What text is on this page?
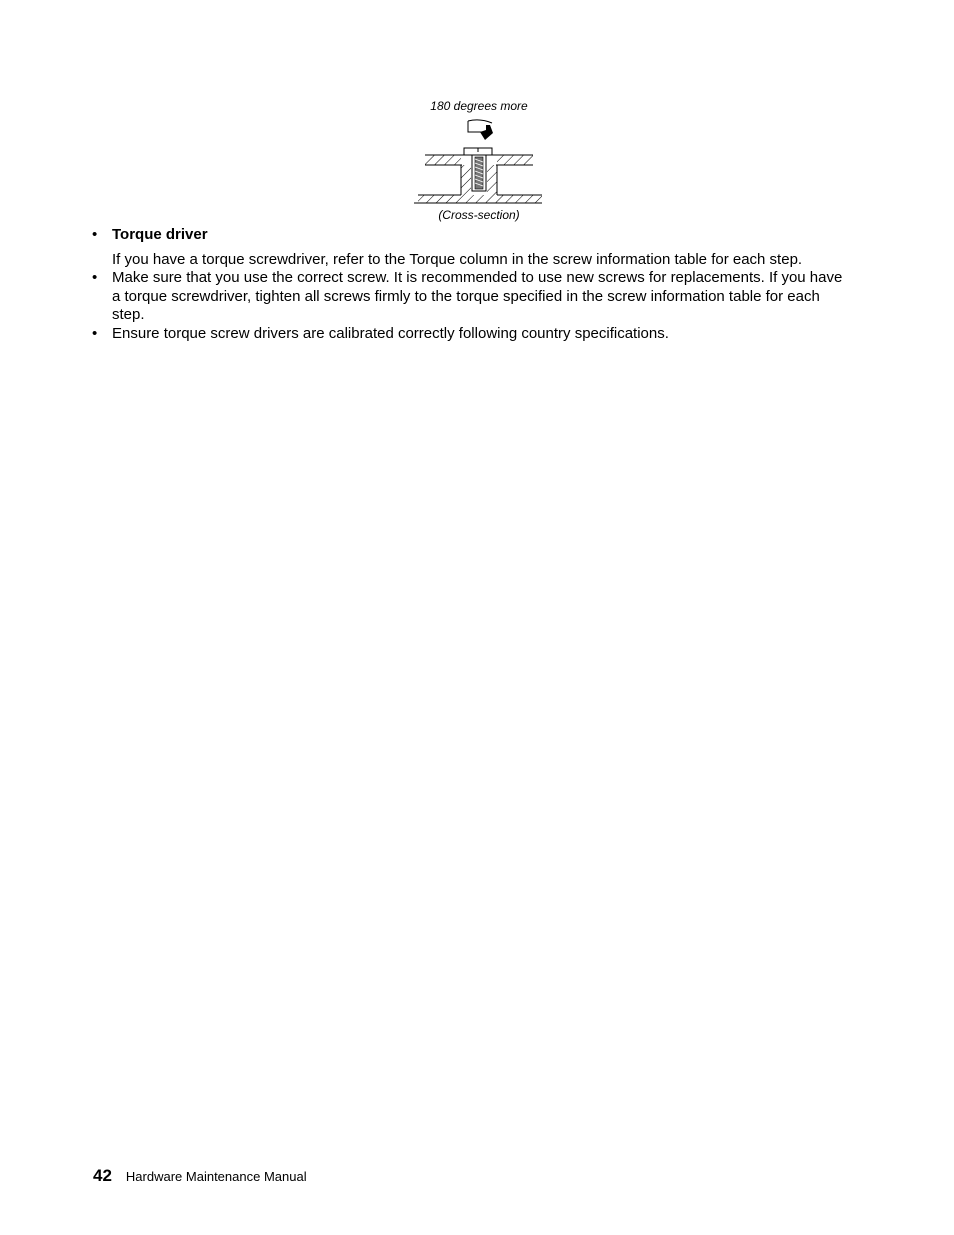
180 degrees more
(Cross-section)
• Torque driver
If you have a torque screwdriver, refer to the Torque column in the screw information table for each step.
• Make sure that you use the correct screw. It is recommended to use new screws for replacements. If you have a torque screwdriver, tighten all screws firmly to the torque specified in the screw information table for each step.
• Ensure torque screw drivers are calibrated correctly following country specifications.
42 Hardware Maintenance Manual
